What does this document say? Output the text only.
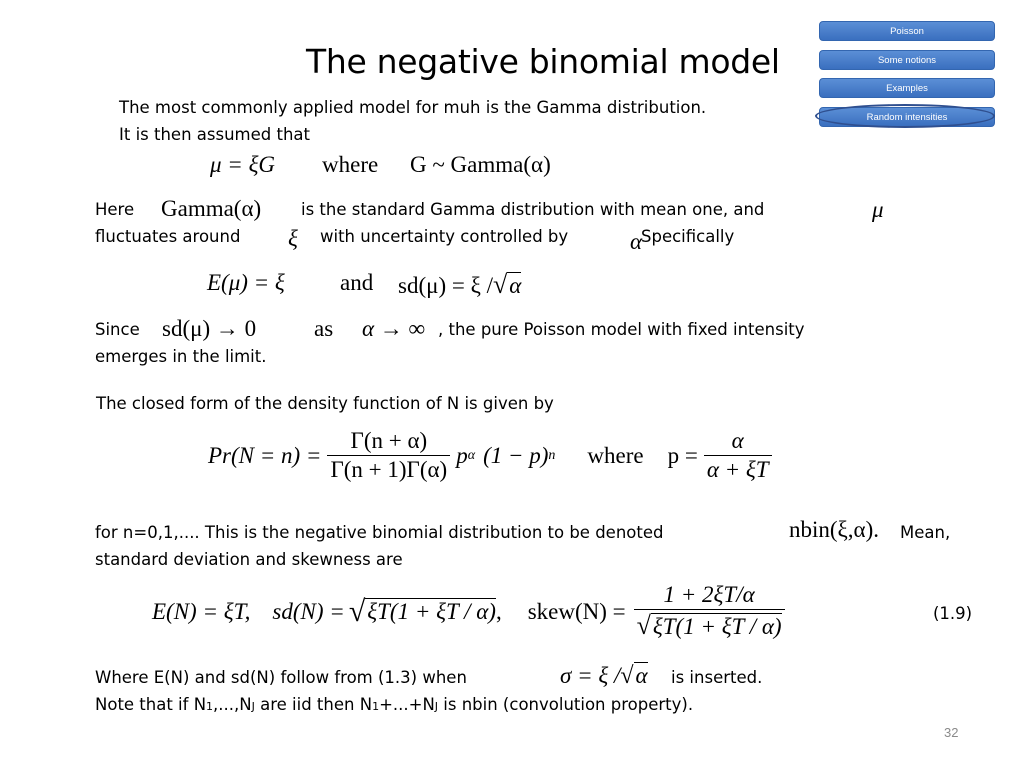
Poisson
Some notions
Examples
Random intensities
The negative binomial model
The most commonly applied model for muh is the Gamma distribution.
It is then assumed that
μ = ξG where G ~ Gamma(α)
Here Gamma(α) is the standard Gamma distribution with mean one, and	μ
fluctuates around ξ with uncertainty controlled by	α
Specifically
E(μ) = ξ and sd(μ) = ξ /√α
Since sd(μ) → 0	as α → ∞ , the pure Poisson model with fixed intensity
emerges in the limit.
The closed form of the density function of N is given by
$Pr(N = n) = \frac{\Gamma(n + \alpha)}{\Gamma(n + 1)\Gamma(\alpha)}$ p α (1 − p) n where $p = \frac{\alpha}{\alpha + \xi T}$
for n=0,1,.... This is the negative binomial distribution to be denoted	nbin(ξ,α). Mean,
standard deviation and skewness are
E(N) = ξT, sd(N) = √ ξT(1 + ξT / α) , skew(N) = $\frac{1 + 2\xi T/\alpha}{√\xi T(1 + \xi T / \alpha)}$	(1.9)
Where E(N) and sd(N) follow from (1.3) when	σ = ξ /√α is inserted.
Note that if N1,...,NJ are iid then N1+...+NJ is nbin (convolution property).
32
